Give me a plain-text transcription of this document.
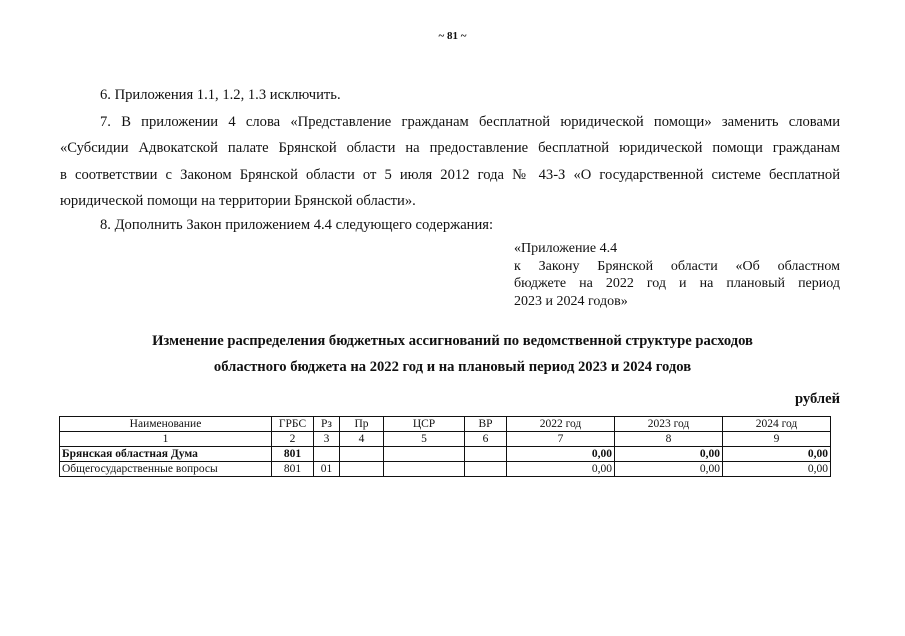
~ 81 ~
6. Приложения 1.1, 1.2, 1.3 исключить.
7. В приложении 4 слова «Представление гражданам бесплатной юридической помощи» заменить словами
«Субсидии Адвокатской палате Брянской области на предоставление бесплатной юридической помощи гражданам
в соответствии с Законом Брянской области от 5 июля 2012 года № 43-З «О государственной системе бесплатной
юридической помощи на территории Брянской области».
8. Дополнить Закон приложением 4.4 следующего содержания:
«Приложение 4.4
к Закону Брянской области «Об областном
бюджете на 2022 год и на плановый период
2023 и 2024 годов»
Изменение распределения бюджетных ассигнований по ведомственной структуре расходов
областного бюджета на 2022 год и на плановый период 2023 и 2024 годов
рублей
Наименование	ГРБС	Рз	Пр	ЦСР	ВР	2022 год	2023 год	2024 год
1	2	3	4	5	6	7	8	9
Брянская областная Дума	801					0,00	0,00	0,00
Общегосударственные вопросы	801	01				0,00	0,00	0,00
